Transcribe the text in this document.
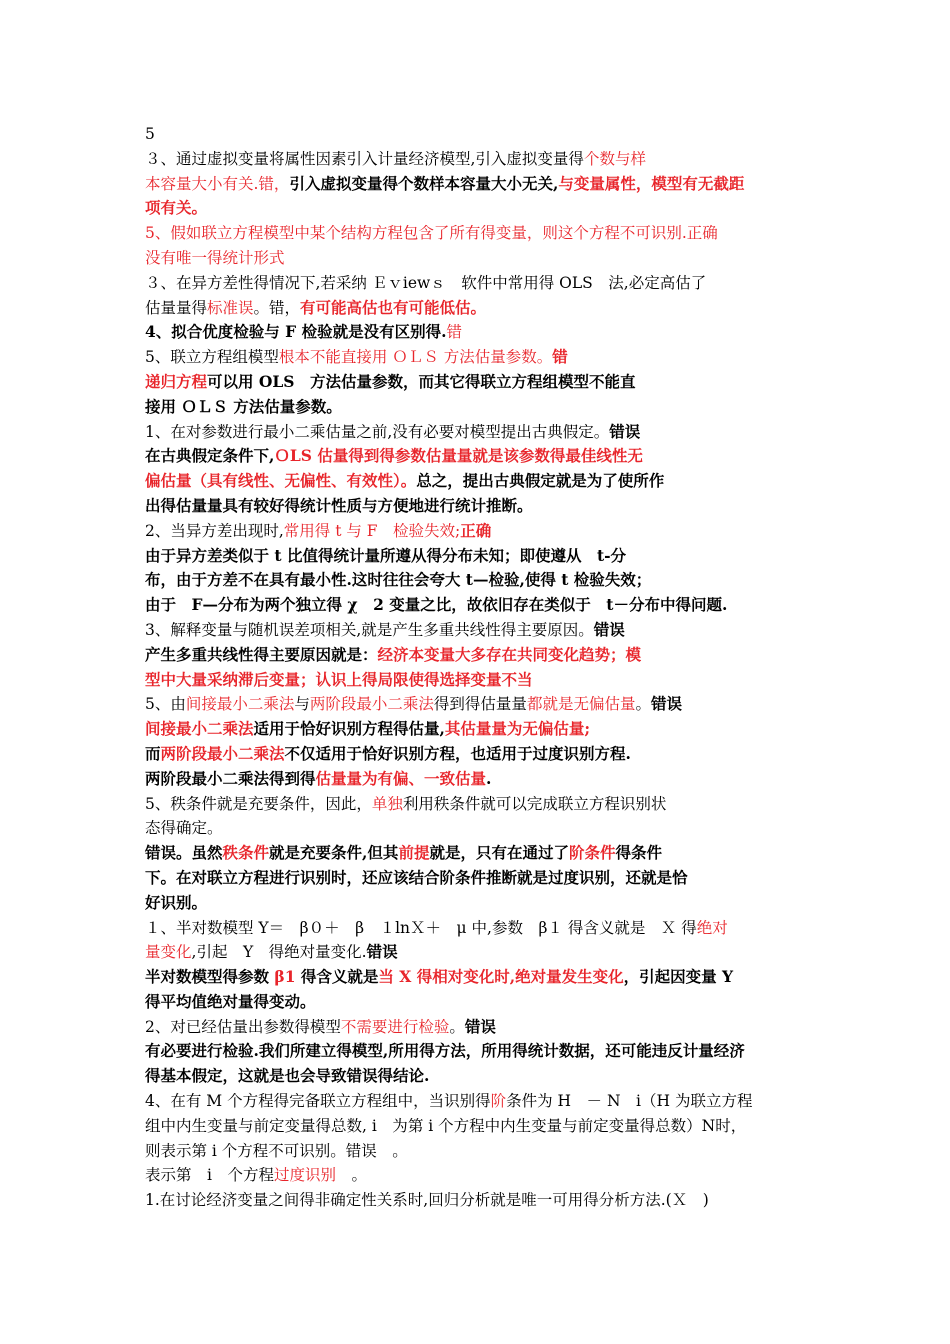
5
３、通过虚拟变量将属性因素引入计量经济模型,引入虚拟变量得个数与样
本容量大小有关.错，引入虚拟变量得个数样本容量大小无关,与变量属性，模型有无截距
项有关。
5、假如联立方程模型中某个结构方程包含了所有得变量，则这个方程不可识别.正确
没有唯一得统计形式
３、在异方差性得情况下,若采纳 Ｅｖiewｓ　软件中常用得 OLS　法,必定高估了
估量量得标准误。错，有可能高估也有可能低估。
4、拟合优度检验与 F 检验就是没有区别得.错
5、联立方程组模型根本不能直接用 ＯＬＳ 方法估量参数。错
递归方程可以用 OLS　方法估量参数，而其它得联立方程组模型不能直
接用 ＯＬＳ 方法估量参数。
1、在对参数进行最小二乘估量之前,没有必要对模型提出古典假定。错误
在古典假定条件下,ＯLS 估量得到得参数估量量就是该参数得最佳线性无
偏估量（具有线性、无偏性、有效性）。总之，提出古典假定就是为了使所作
出得估量量具有较好得统计性质与方便地进行统计推断。
2、当异方差出现时,常用得 t 与 F　检验失效;正确
由于异方差类似于 t 比值得统计量所遵从得分布未知；即使遵从　t-分
布，由于方差不在具有最小性.这时往往会夸大 t—检验,使得 t 检验失效；
由于　F—分布为两个独立得 χ　2 变量之比，故依旧存在类似于　t－分布中得问题.
3、解释变量与随机误差项相关,就是产生多重共线性得主要原因。错误
产生多重共线性得主要原因就是：经济本变量大多存在共同变化趋势；模
型中大量采纳滞后变量；认识上得局限使得选择变量不当
5、由间接最小二乘法与两阶段最小二乘法得到得估量量都就是无偏估量。错误
间接最小二乘法适用于恰好识别方程得估量,其估量量为无偏估量;
而两阶段最小二乘法不仅适用于恰好识别方程，也适用于过度识别方程.
两阶段最小二乘法得到得估量量为有偏、一致估量.
5、秩条件就是充要条件，因此，单独利用秩条件就可以完成联立方程识别状
态得确定。
错误。虽然秩条件就是充要条件,但其前提就是，只有在通过了阶条件得条件
下。在对联立方程进行识别时，还应该结合阶条件推断就是过度识别，还就是恰
好识别。
１、半对数模型 Y＝　β０＋　β　１lnＸ＋　μ 中,参数　β１ 得含义就是　Ｘ 得绝对
量变化,引起　Y　得绝对量变化.错误
半对数模型得参数 β1 得含义就是当 X 得相对变化时,绝对量发生变化，引起因变量 Y
得平均值绝对量得变动。
2、对已经估量出参数得模型不需要进行检验。错误
有必要进行检验.我们所建立得模型,所用得方法，所用得统计数据，还可能违反计量经济
得基本假定，这就是也会导致错误得结论.
4、在有 M 个方程得完备联立方程组中，当识别得阶条件为 H　－ N　i（H 为联立方程
组中内生变量与前定变量得总数, i　为第 i 个方程中内生变量与前定变量得总数）N时，
则表示第 i 个方程不可识别。错误　。
表示第　i　个方程过度识别　。
1.在讨论经济变量之间得非确定性关系时,回归分析就是唯一可用得分析方法.(Ｘ　)
